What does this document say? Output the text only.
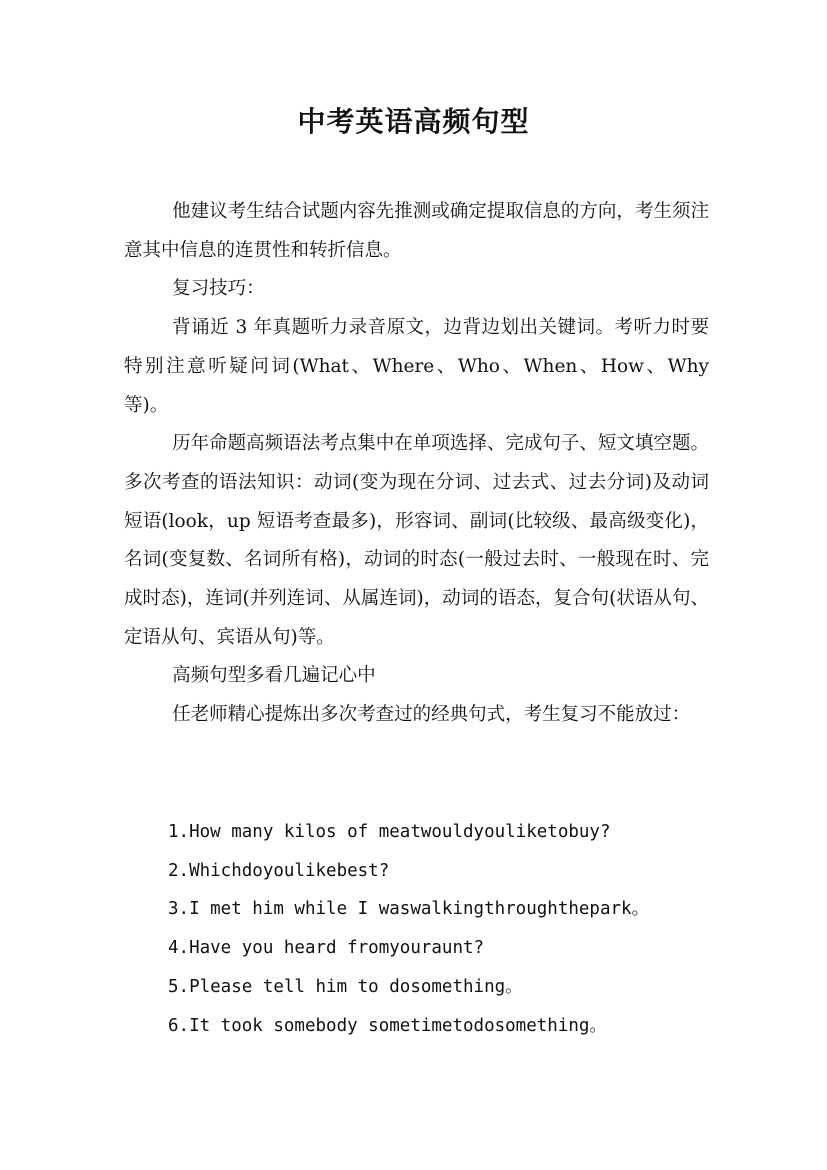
中考英语高频句型

他建议考生结合试题内容先推测或确定提取信息的方向，考生须注意其中信息的连贯性和转折信息。

复习技巧：

背诵近 3 年真题听力录音原文，边背边划出关键词。考听力时要特别注意听疑问词(What、Where、Who、When、How、Why 等)。

历年命题高频语法考点集中在单项选择、完成句子、短文填空题。多次考查的语法知识：动词(变为现在分词、过去式、过去分词)及动词短语(look，up 短语考查最多)，形容词、副词(比较级、最高级变化)，名词(变复数、名词所有格)，动词的时态(一般过去时、一般现在时、完成时态)，连词(并列连词、从属连词)，动词的语态，复合句(状语从句、定语从句、宾语从句)等。

高频句型多看几遍记心中

任老师精心提炼出多次考查过的经典句式，考生复习不能放过：

1.How many kilos of meatwouldyouliketobuy?

2.Whichdoyoulikebest?

3.I met him while I waswalkingthroughthepark。

4.Have you heard fromyouraunt?

5.Please tell him to dosomething。

6.It took somebody sometimetodosomething。
